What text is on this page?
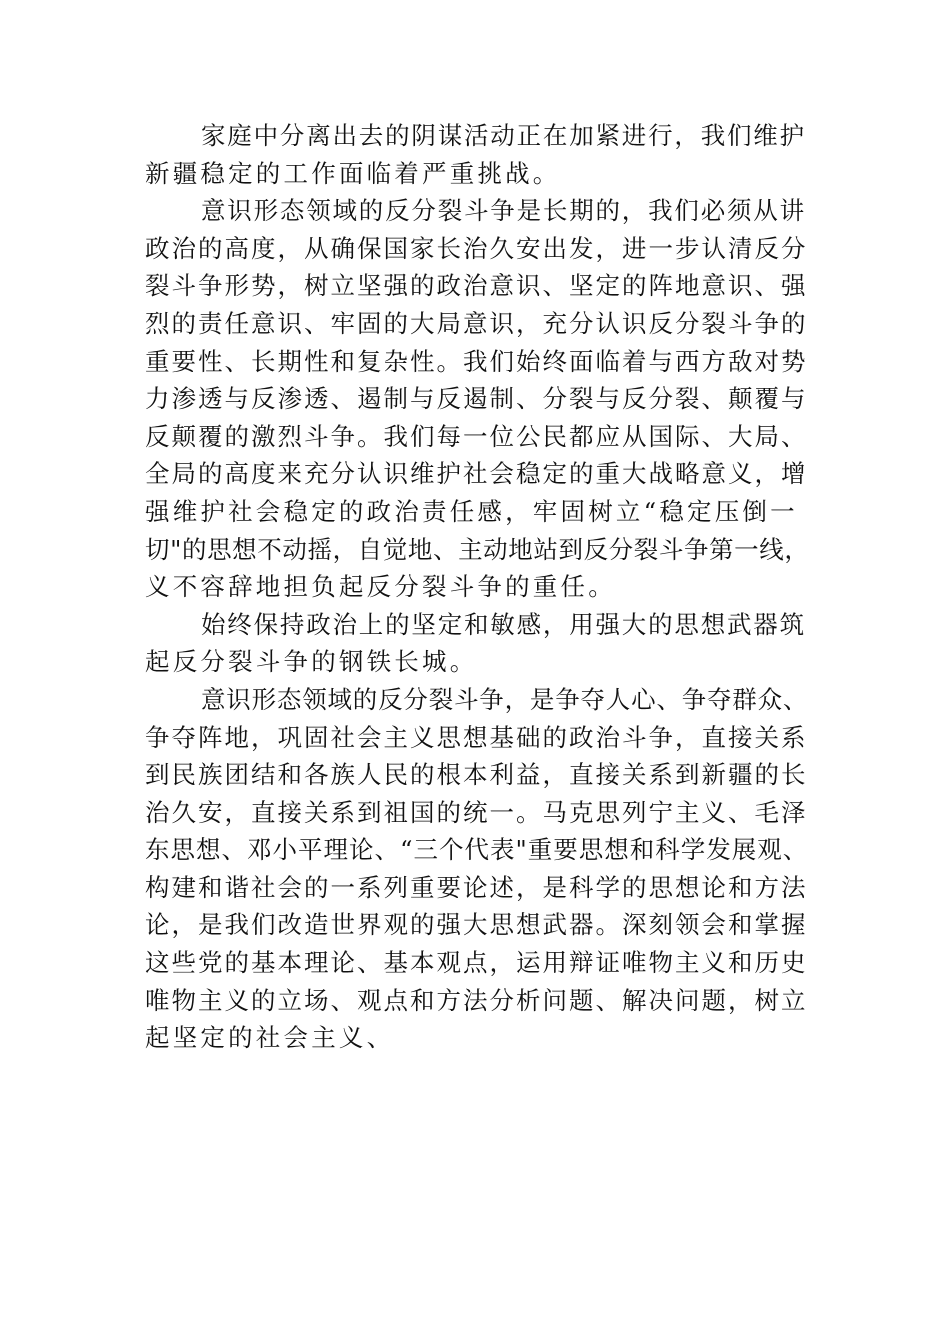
家庭中分离出去的阴谋活动正在加紧进行，我们维护
新疆稳定的工作面临着严重挑战。
意识形态领域的反分裂斗争是长期的，我们必须从讲
政治的高度，从确保国家长治久安出发，进一步认清反分
裂斗争形势，树立坚强的政治意识、坚定的阵地意识、强
烈的责任意识、牢固的大局意识，充分认识反分裂斗争的
重要性、长期性和复杂性。我们始终面临着与西方敌对势
力渗透与反渗透、遏制与反遏制、分裂与反分裂、颠覆与
反颠覆的激烈斗争。我们每一位公民都应从国际、大局、
全局的高度来充分认识维护社会稳定的重大战略意义，增
强维护社会稳定的政治责任感，牢固树立“稳定压倒一
切"的思想不动摇，自觉地、主动地站到反分裂斗争第一线，
义不容辞地担负起反分裂斗争的重任。
始终保持政治上的坚定和敏感，用强大的思想武器筑
起反分裂斗争的钢铁长城。
意识形态领域的反分裂斗争，是争夺人心、争夺群众、
争夺阵地，巩固社会主义思想基础的政治斗争，直接关系
到民族团结和各族人民的根本利益，直接关系到新疆的长
治久安，直接关系到祖国的统一。马克思列宁主义、毛泽
东思想、邓小平理论、“三个代表"重要思想和科学发展观、
构建和谐社会的一系列重要论述，是科学的思想论和方法
论，是我们改造世界观的强大思想武器。深刻领会和掌握
这些党的基本理论、基本观点，运用辩证唯物主义和历史
唯物主义的立场、观点和方法分析问题、解决问题，树立
起坚定的社会主义、
